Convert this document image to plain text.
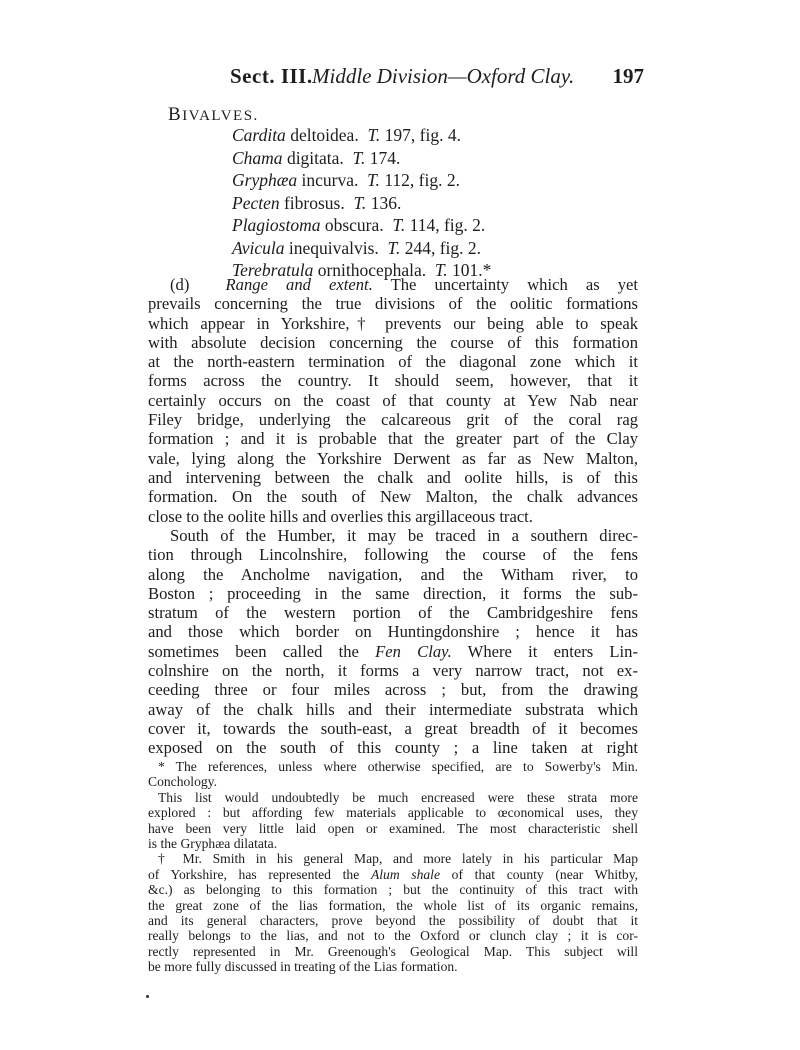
Sect. III. Middle Division—Oxford Clay. 197
BIVALVES.
Cardita deltoidea. T. 197, fig. 4.
Chama digitata. T. 174.
Gryphæa incurva. T. 112, fig. 2.
Pecten fibrosus. T. 136.
Plagiostoma obscura. T. 114, fig. 2.
Avicula inequivalvis. T. 244, fig. 2.
Terebratula ornithocephala. T. 101.*
(d) Range and extent. The uncertainty which as yet
prevails concerning the true divisions of the oolitic formations
which appear in Yorkshire,† prevents our being able to speak
with absolute decision concerning the course of this formation
at the north-eastern termination of the diagonal zone which it
forms across the country. It should seem, however, that it
certainly occurs on the coast of that county at Yew Nab near
Filey bridge, underlying the calcareous grit of the coral rag
formation ; and it is probable that the greater part of the Clay
vale, lying along the Yorkshire Derwent as far as New Malton,
and intervening between the chalk and oolite hills, is of this
formation. On the south of New Malton, the chalk advances
close to the oolite hills and overlies this argillaceous tract.
South of the Humber, it may be traced in a southern direc-
tion through Lincolnshire, following the course of the fens
along the Ancholme navigation, and the Witham river, to
Boston ; proceeding in the same direction, it forms the sub-
stratum of the western portion of the Cambridgeshire fens
and those which border on Huntingdonshire ; hence it has
sometimes been called the Fen Clay. Where it enters Lin-
colnshire on the north, it forms a very narrow tract, not ex-
ceeding three or four miles across ; but, from the drawing
away of the chalk hills and their intermediate substrata which
cover it, towards the south-east, a great breadth of it becomes
exposed on the south of this county ; a line taken at right
* The references, unless where otherwise specified, are to Sowerby's Min.
Conchology.
This list would undoubtedly be much encreased were these strata more
explored : but affording few materials applicable to œconomical uses, they
have been very little laid open or examined. The most characteristic shell
is the Gryphæa dilatata.
† Mr. Smith in his general Map, and more lately in his particular Map
of Yorkshire, has represented the Alum shale of that county (near Whitby,
&c.) as belonging to this formation ; but the continuity of this tract with
the great zone of the lias formation, the whole list of its organic remains,
and its general characters, prove beyond the possibility of doubt that it
really belongs to the lias, and not to the Oxford or clunch clay ; it is cor-
rectly represented in Mr. Greenough's Geological Map. This subject will
be more fully discussed in treating of the Lias formation.
